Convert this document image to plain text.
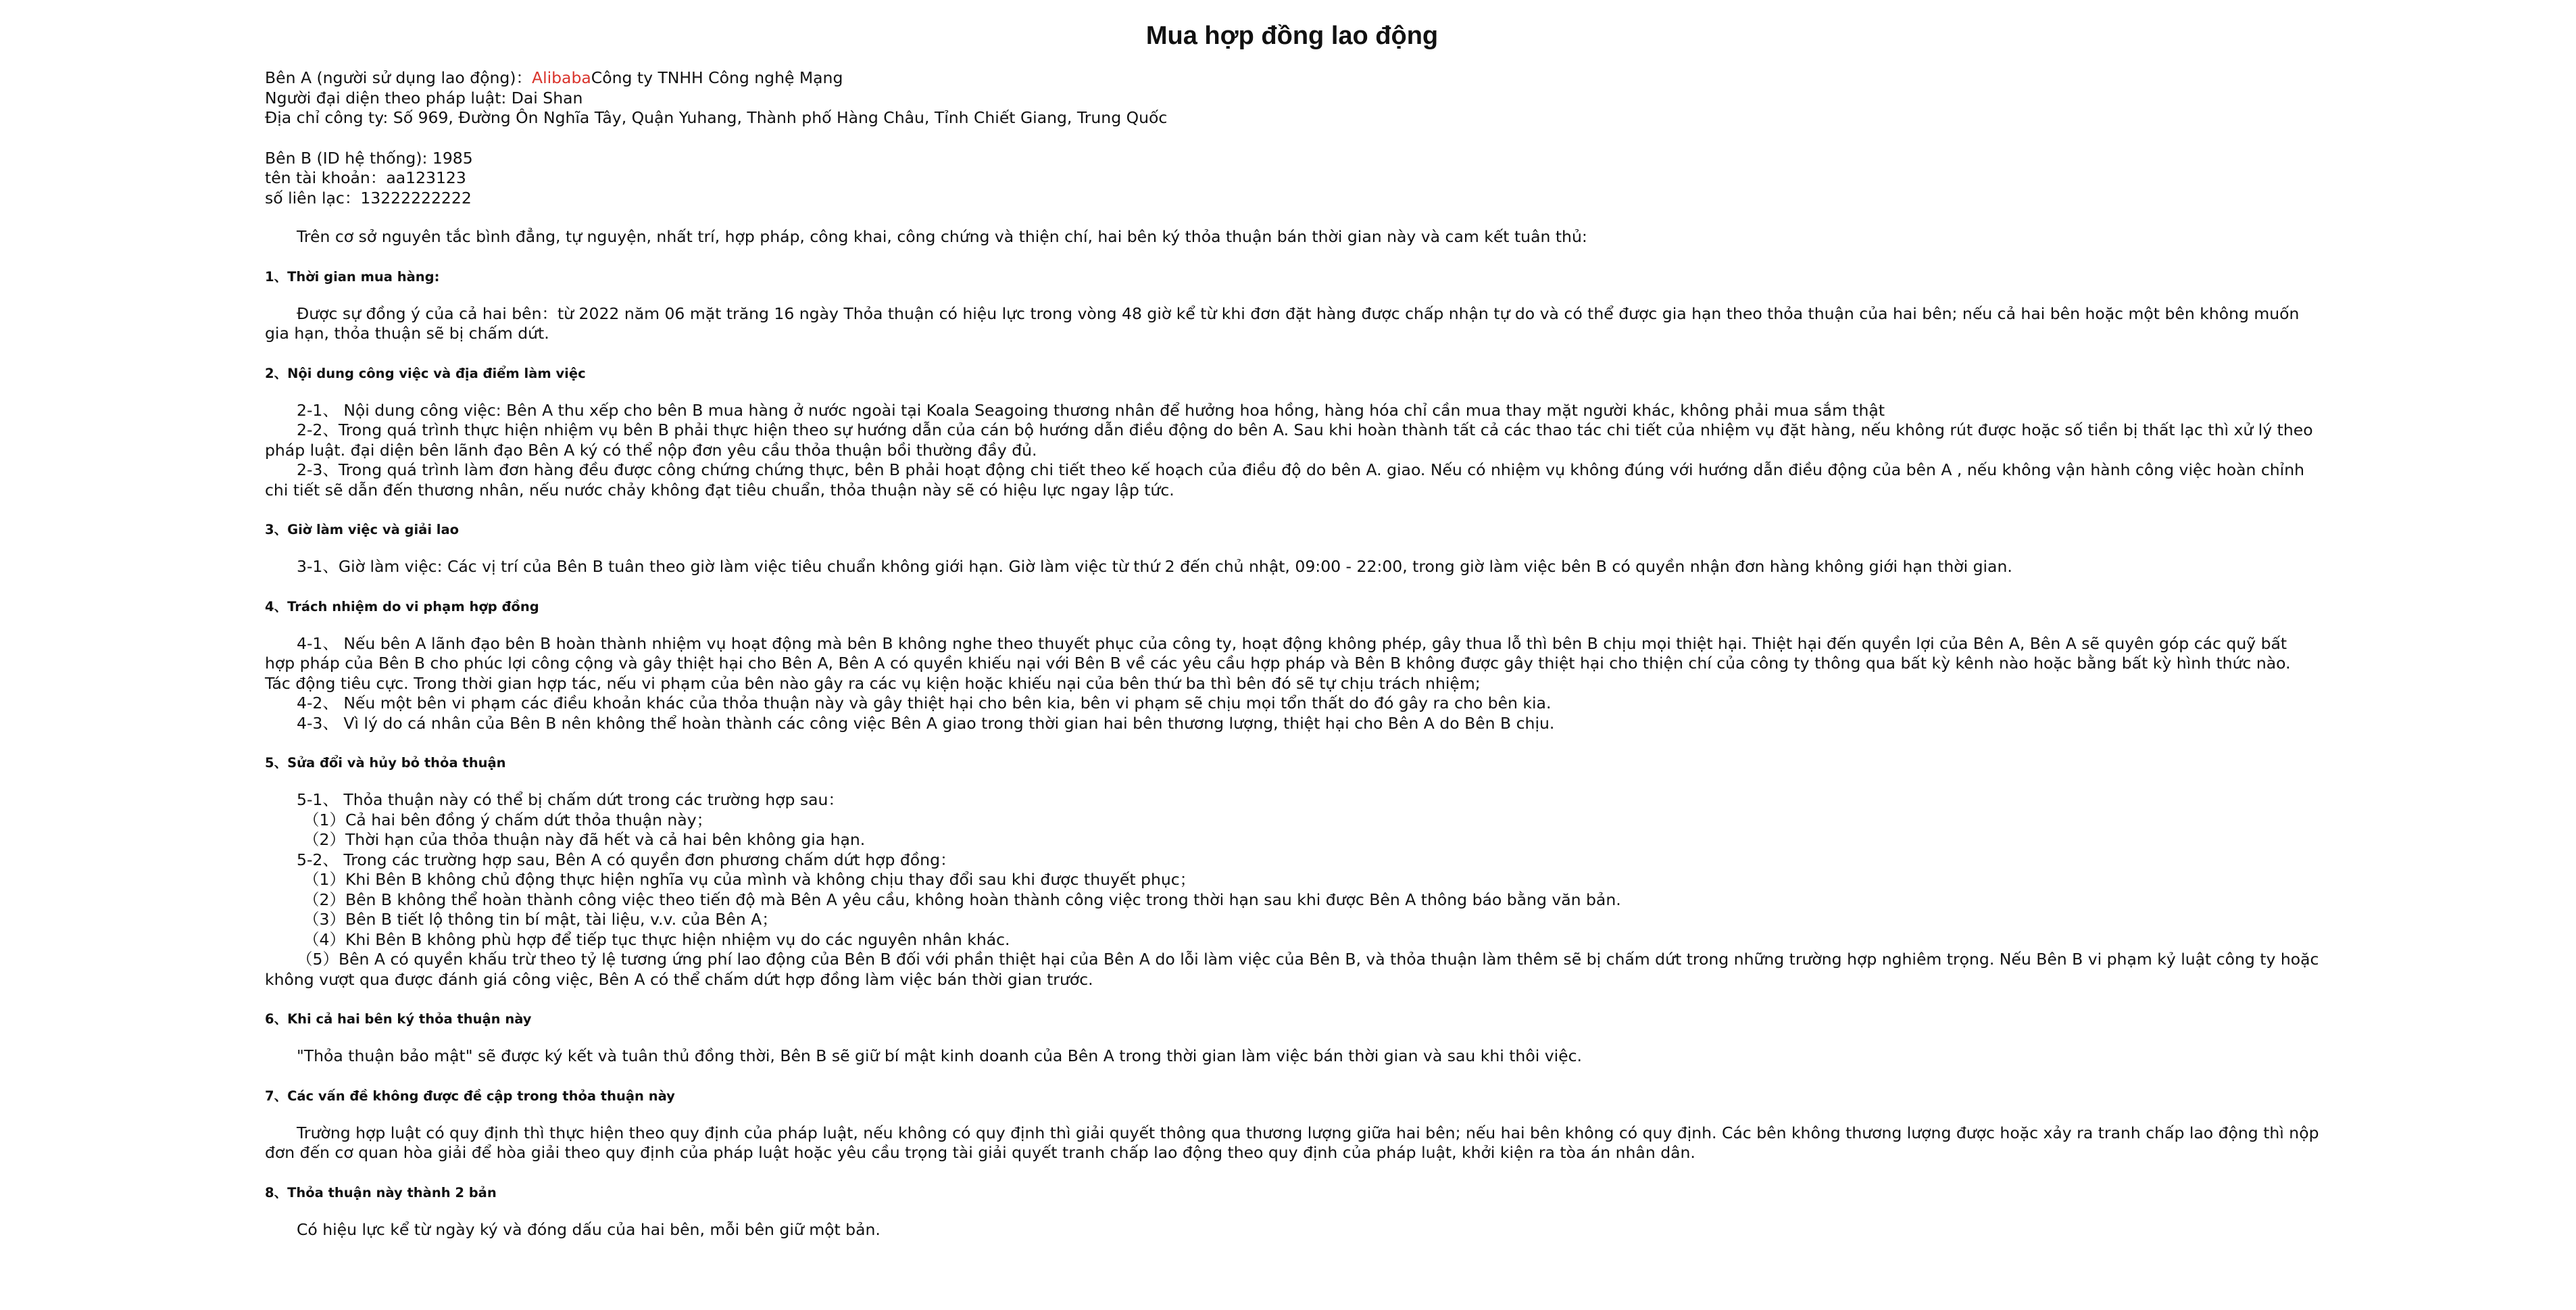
Mua hợp đồng lao động
Bên A (người sử dụng lao động)：AlibabaCông ty TNHH Công nghệ Mạng
Người đại diện theo pháp luật: Dai Shan
Địa chỉ công ty: Số 969, Đường Ôn Nghĩa Tây, Quận Yuhang, Thành phố Hàng Châu, Tỉnh Chiết Giang, Trung Quốc
Bên B (ID hệ thống): 1985
tên tài khoản：aa123123
số liên lạc：13222222222
Trên cơ sở nguyên tắc bình đẳng, tự nguyện, nhất trí, hợp pháp, công khai, công chứng và thiện chí, hai bên ký thỏa thuận bán thời gian này và cam kết tuân thủ:
1、Thời gian mua hàng:
Được sự đồng ý của cả hai bên：từ 2022 năm 06 mặt trăng 16 ngày Thỏa thuận có hiệu lực trong vòng 48 giờ kể từ khi đơn đặt hàng được chấp nhận tự do và có thể được gia hạn theo thỏa thuận của hai bên; nếu cả hai bên hoặc một bên không muốn gia hạn, thỏa thuận sẽ bị chấm dứt.
2、Nội dung công việc và địa điểm làm việc
2-1、 Nội dung công việc: Bên A thu xếp cho bên B mua hàng ở nước ngoài tại Koala Seagoing thương nhân để hưởng hoa hồng, hàng hóa chỉ cần mua thay mặt người khác, không phải mua sắm thật
2-2、Trong quá trình thực hiện nhiệm vụ bên B phải thực hiện theo sự hướng dẫn của cán bộ hướng dẫn điều động do bên A. Sau khi hoàn thành tất cả các thao tác chi tiết của nhiệm vụ đặt hàng, nếu không rút được hoặc số tiền bị thất lạc thì xử lý theo pháp luật. đại diện bên lãnh đạo Bên A ký có thể nộp đơn yêu cầu thỏa thuận bồi thường đầy đủ.
2-3、Trong quá trình làm đơn hàng đều được công chứng chứng thực, bên B phải hoạt động chi tiết theo kế hoạch của điều độ do bên A. giao. Nếu có nhiệm vụ không đúng với hướng dẫn điều động của bên A , nếu không vận hành công việc hoàn chỉnh chi tiết sẽ dẫn đến thương nhân, nếu nước chảy không đạt tiêu chuẩn, thỏa thuận này sẽ có hiệu lực ngay lập tức.
3、Giờ làm việc và giải lao
3-1、Giờ làm việc: Các vị trí của Bên B tuân theo giờ làm việc tiêu chuẩn không giới hạn. Giờ làm việc từ thứ 2 đến chủ nhật, 09:00 - 22:00, trong giờ làm việc bên B có quyền nhận đơn hàng không giới hạn thời gian.
4、Trách nhiệm do vi phạm hợp đồng
4-1、 Nếu bên A lãnh đạo bên B hoàn thành nhiệm vụ hoạt động mà bên B không nghe theo thuyết phục của công ty, hoạt động không phép, gây thua lỗ thì bên B chịu mọi thiệt hại. Thiệt hại đến quyền lợi của Bên A, Bên A sẽ quyên góp các quỹ bất hợp pháp của Bên B cho phúc lợi công cộng và gây thiệt hại cho Bên A, Bên A có quyền khiếu nại với Bên B về các yêu cầu hợp pháp và Bên B không được gây thiệt hại cho thiện chí của công ty thông qua bất kỳ kênh nào hoặc bằng bất kỳ hình thức nào. Tác động tiêu cực. Trong thời gian hợp tác, nếu vi phạm của bên nào gây ra các vụ kiện hoặc khiếu nại của bên thứ ba thì bên đó sẽ tự chịu trách nhiệm;
4-2、 Nếu một bên vi phạm các điều khoản khác của thỏa thuận này và gây thiệt hại cho bên kia, bên vi phạm sẽ chịu mọi tổn thất do đó gây ra cho bên kia.
4-3、 Vì lý do cá nhân của Bên B nên không thể hoàn thành các công việc Bên A giao trong thời gian hai bên thương lượng, thiệt hại cho Bên A do Bên B chịu.
5、Sửa đổi và hủy bỏ thỏa thuận
5-1、 Thỏa thuận này có thể bị chấm dứt trong các trường hợp sau：
（1）Cả hai bên đồng ý chấm dứt thỏa thuận này；
（2）Thời hạn của thỏa thuận này đã hết và cả hai bên không gia hạn.
5-2、 Trong các trường hợp sau, Bên A có quyền đơn phương chấm dứt hợp đồng：
（1）Khi Bên B không chủ động thực hiện nghĩa vụ của mình và không chịu thay đổi sau khi được thuyết phục；
（2）Bên B không thể hoàn thành công việc theo tiến độ mà Bên A yêu cầu, không hoàn thành công việc trong thời hạn sau khi được Bên A thông báo bằng văn bản.
（3）Bên B tiết lộ thông tin bí mật, tài liệu, v.v. của Bên A；
（4）Khi Bên B không phù hợp để tiếp tục thực hiện nhiệm vụ do các nguyên nhân khác.
（5）Bên A có quyền khấu trừ theo tỷ lệ tương ứng phí lao động của Bên B đối với phần thiệt hại của Bên A do lỗi làm việc của Bên B, và thỏa thuận làm thêm sẽ bị chấm dứt trong những trường hợp nghiêm trọng. Nếu Bên B vi phạm kỷ luật công ty hoặc không vượt qua được đánh giá công việc, Bên A có thể chấm dứt hợp đồng làm việc bán thời gian trước.
6、Khi cả hai bên ký thỏa thuận này
"Thỏa thuận bảo mật" sẽ được ký kết và tuân thủ đồng thời, Bên B sẽ giữ bí mật kinh doanh của Bên A trong thời gian làm việc bán thời gian và sau khi thôi việc.
7、Các vấn đề không được đề cập trong thỏa thuận này
Trường hợp luật có quy định thì thực hiện theo quy định của pháp luật, nếu không có quy định thì giải quyết thông qua thương lượng giữa hai bên; nếu hai bên không có quy định. Các bên không thương lượng được hoặc xảy ra tranh chấp lao động thì nộp đơn đến cơ quan hòa giải để hòa giải theo quy định của pháp luật hoặc yêu cầu trọng tài giải quyết tranh chấp lao động theo quy định của pháp luật, khởi kiện ra tòa án nhân dân.
8、Thỏa thuận này thành 2 bản
Có hiệu lực kể từ ngày ký và đóng dấu của hai bên, mỗi bên giữ một bản.
